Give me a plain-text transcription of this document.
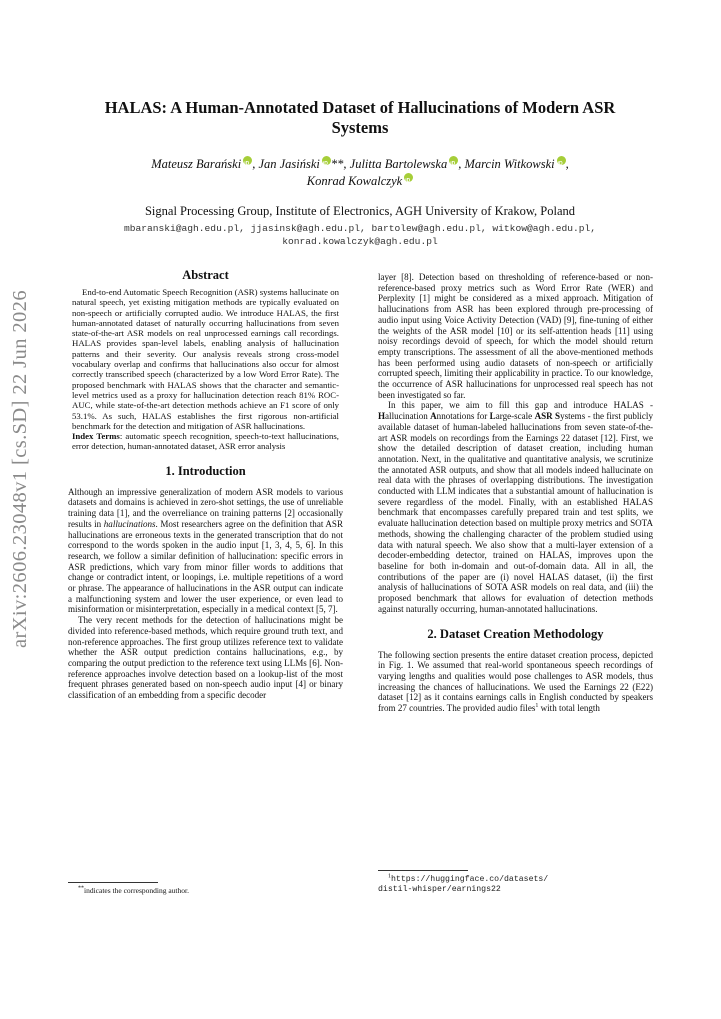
arXiv:2606.23048v1 [cs.SD] 22 Jun 2026
HALAS: A Human-Annotated Dataset of Hallucinations of Modern ASR Systems
Mateusz Barański iD , Jan Jasiński iD **, Julitta Bartolewska iD , Marcin Witkowski iD ,
Konrad KowalczykiD
Signal Processing Group, Institute of Electronics, AGH University of Krakow, Poland
mbaranski@agh.edu.pl, jjasinsk@agh.edu.pl, bartolew@agh.edu.pl, witkow@agh.edu.pl,
konrad.kowalczyk@agh.edu.pl
Abstract

End-to-end Automatic Speech Recognition (ASR) systems hallucinate on natural speech, yet existing mitigation methods are typically evaluated on non-speech or artificially corrupted audio. We introduce HALAS, the first human-annotated dataset of naturally occurring hallucinations from seven state-of-the-art ASR models on real unprocessed earnings call recordings. HALAS provides span-level labels, enabling analysis of hallucination patterns and their severity. Our analysis reveals strong cross-model vocabulary overlap and confirms that hallucinations also occur for almost correctly transcribed speech (characterized by a low Word Error Rate). The proposed benchmark with HALAS shows that the character and semantic-level metrics used as a proxy for hallucination detection reach 81% ROC-AUC, while state-of-the-art detection methods achieve an F1 score of only 53.1%. As such, HALAS establishes the first rigorous non-artificial benchmark for the detection and mitigation of ASR hallucinations.

Index Terms: automatic speech recognition, speech-to-text hallucinations, error detection, human-annotated dataset, ASR error analysis

1. Introduction

Although an impressive generalization of modern ASR models to various datasets and domains is achieved in zero-shot settings, the use of unreliable training data [1], and the overreliance on training patterns [2] occasionally results in hallucinations. Most researchers agree on the definition that ASR hallucinations are erroneous texts in the generated transcription that do not correspond to the words spoken in the audio input [1, 3, 4, 5, 6]. In this research, we follow a similar definition of hallucination: specific errors in ASR predictions, which vary from minor filler words to additions that change or contradict intent, or loopings, i.e. multiple repetitions of a word or phrase. The appearance of hallucinations in the ASR output can indicate a malfunctioning system and lower the user experience, or even lead to misinformation or misinterpretation, especially in a medical context [5, 7].

The very recent methods for the detection of hallucinations might be divided into reference-based methods, which require ground truth text, and non-reference approaches. The first group utilizes reference text to validate whether the ASR output prediction contains hallucinations, e.g., by comparing the output prediction to the reference text using LLMs [6]. Non-reference approaches involve detection based on a lookup-list of the most frequent phrases generated based on non-speech audio input [4] or binary classification of an embedding from a specific decoder

layer [8]. Detection based on thresholding of reference-based or non-reference-based proxy metrics such as Word Error Rate (WER) and Perplexity [1] might be considered as a mixed approach. Mitigation of hallucinations from ASR has been explored through pre-processing of audio input using Voice Activity Detection (VAD) [9], fine-tuning of either the weights of the ASR model [10] or its self-attention heads [11] using noisy recordings devoid of speech, for which the model should return empty transcriptions. The assessment of all the above-mentioned methods has been performed using audio datasets of non-speech or artificially corrupted speech, limiting their applicability in practice. To our knowledge, the occurrence of ASR hallucinations for unprocessed real speech has not been investigated so far.

In this paper, we aim to fill this gap and introduce HALAS - Hallucination Annotations for Large-scale ASR Systems - the first publicly available dataset of human-labeled hallucinations from seven state-of-the-art ASR models on recordings from the Earnings 22 dataset [12]. First, we show the detailed description of dataset creation, including human annotation. Next, in the qualitative and quantitative analysis, we scrutinize the annotated ASR outputs, and show that all models indeed hallucinate on real data with the phrases of overlapping distributions. The investigation conducted with LLM indicates that a substantial amount of hallucination is severe regardless of the model. Finally, with an established HALAS benchmark that encompasses carefully prepared train and test splits, we evaluate hallucination detection based on multiple proxy metrics and SOTA methods, showing the challenging character of the problem studied using data with natural speech. We also show that a multi-layer extension of a decoder-embedding detector, trained on HALAS, improves upon the baseline for both in-domain and out-of-domain data. All in all, the contributions of the paper are (i) novel HALAS dataset, (ii) the first analysis of hallucinations of SOTA ASR models on real data, and (iii) the proposed benchmark that allows for evaluation of detection methods against naturally occurring, human-annotated hallucinations.

2. Dataset Creation Methodology

The following section presents the entire dataset creation process, depicted in Fig. 1. We assumed that real-world spontaneous speech recordings of varying lengths and qualities would pose challenges to ASR models, thus increasing the chances of hallucinations. We used the Earnings 22 (E22) dataset [12] as it contains earnings calls in English conducted by speakers from 27 countries. The provided audio files$^1$ with total length

**indicates the corresponding author.
$^1$https://huggingface.co/datasets/
distil-whisper/earnings22
